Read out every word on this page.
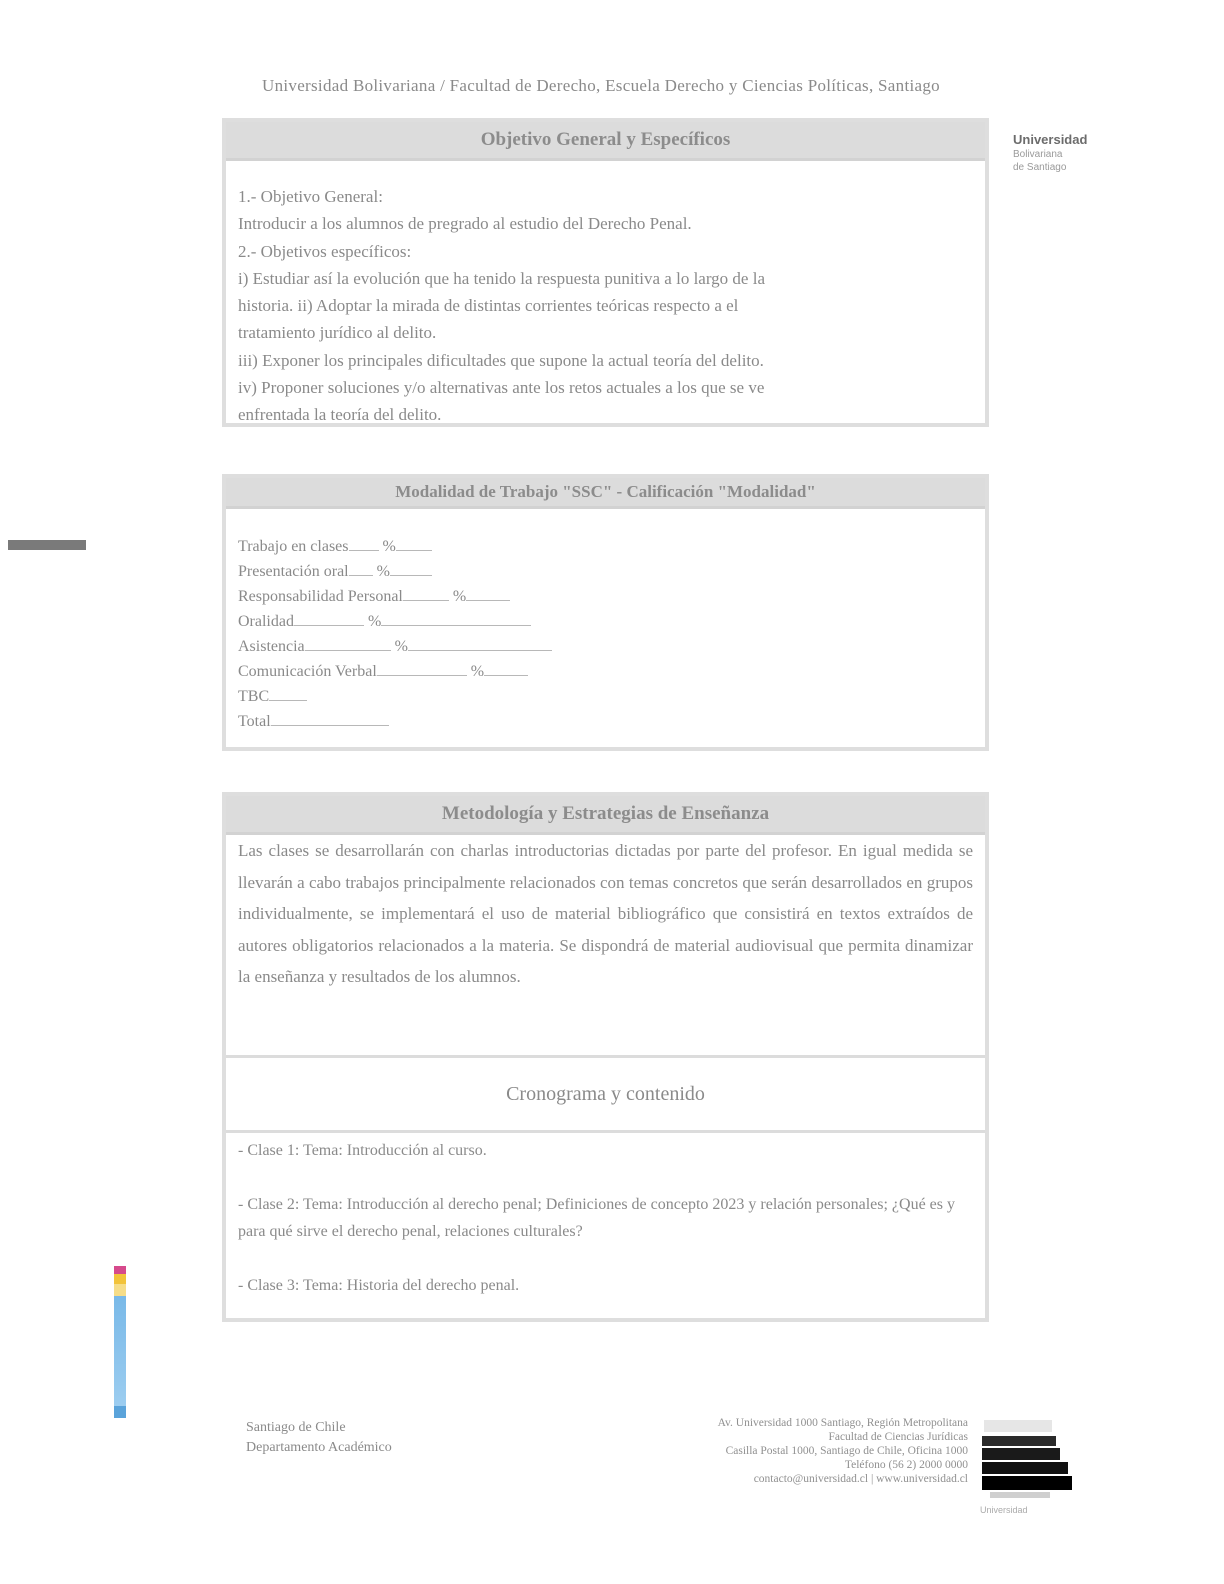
Universidad Bolivariana / Facultad de Derecho, Escuela Derecho y Ciencias Políticas, Santiago
Universidad
Bolivariana
de Santiago
Objetivo General y Específicos
1.- Objetivo General:
Introducir a los alumnos de pregrado al estudio del Derecho Penal.
2.- Objetivos específicos:
i) Estudiar así la evolución que ha tenido la respuesta punitiva a lo largo de la
historia. ii) Adoptar la mirada de distintas corrientes teóricas respecto a el
tratamiento jurídico al delito.
iii) Exponer los principales dificultades que supone la actual teoría del delito.
iv) Proponer soluciones y/o alternativas ante los retos actuales a los que se ve
enfrentada la teoría del delito.
Modalidad de Trabajo "SSC" - Calificación "Modalidad"
Trabajo en clases %
Presentación oral %
Responsabilidad Personal	%
Oralidad	%
Asistencia	%
Comunicación Verbal	%
TBC
Total
Metodología y Estrategias de Enseñanza
Las clases se desarrollarán con charlas introductorias dictadas por parte del profesor. En igual medida se llevarán a cabo trabajos principalmente relacionados con temas concretos que serán desarrollados en grupos individualmente, se implementará el uso de material bibliográfico que consistirá en textos extraídos de autores obligatorios relacionados a la materia. Se dispondrá de material audiovisual que permita dinamizar la enseñanza y resultados de los alumnos.
Cronograma y contenido

- Clase 1: Tema: Introducción al curso.

- Clase 2: Tema: Introducción al derecho penal; Definiciones de concepto 2023 y relación personales; ¿Qué es y para qué sirve el derecho penal, relaciones culturales?

- Clase 3: Tema: Historia del derecho penal.

Santiago de Chile
Departamento Académico
Av. Universidad 1000 Santiago, Región Metropolitana
Facultad de Ciencias Jurídicas
Casilla Postal 1000, Santiago de Chile, Oficina 1000
Teléfono (56 2) 2000 0000
contacto@universidad.cl | www.universidad.cl
Universidad
